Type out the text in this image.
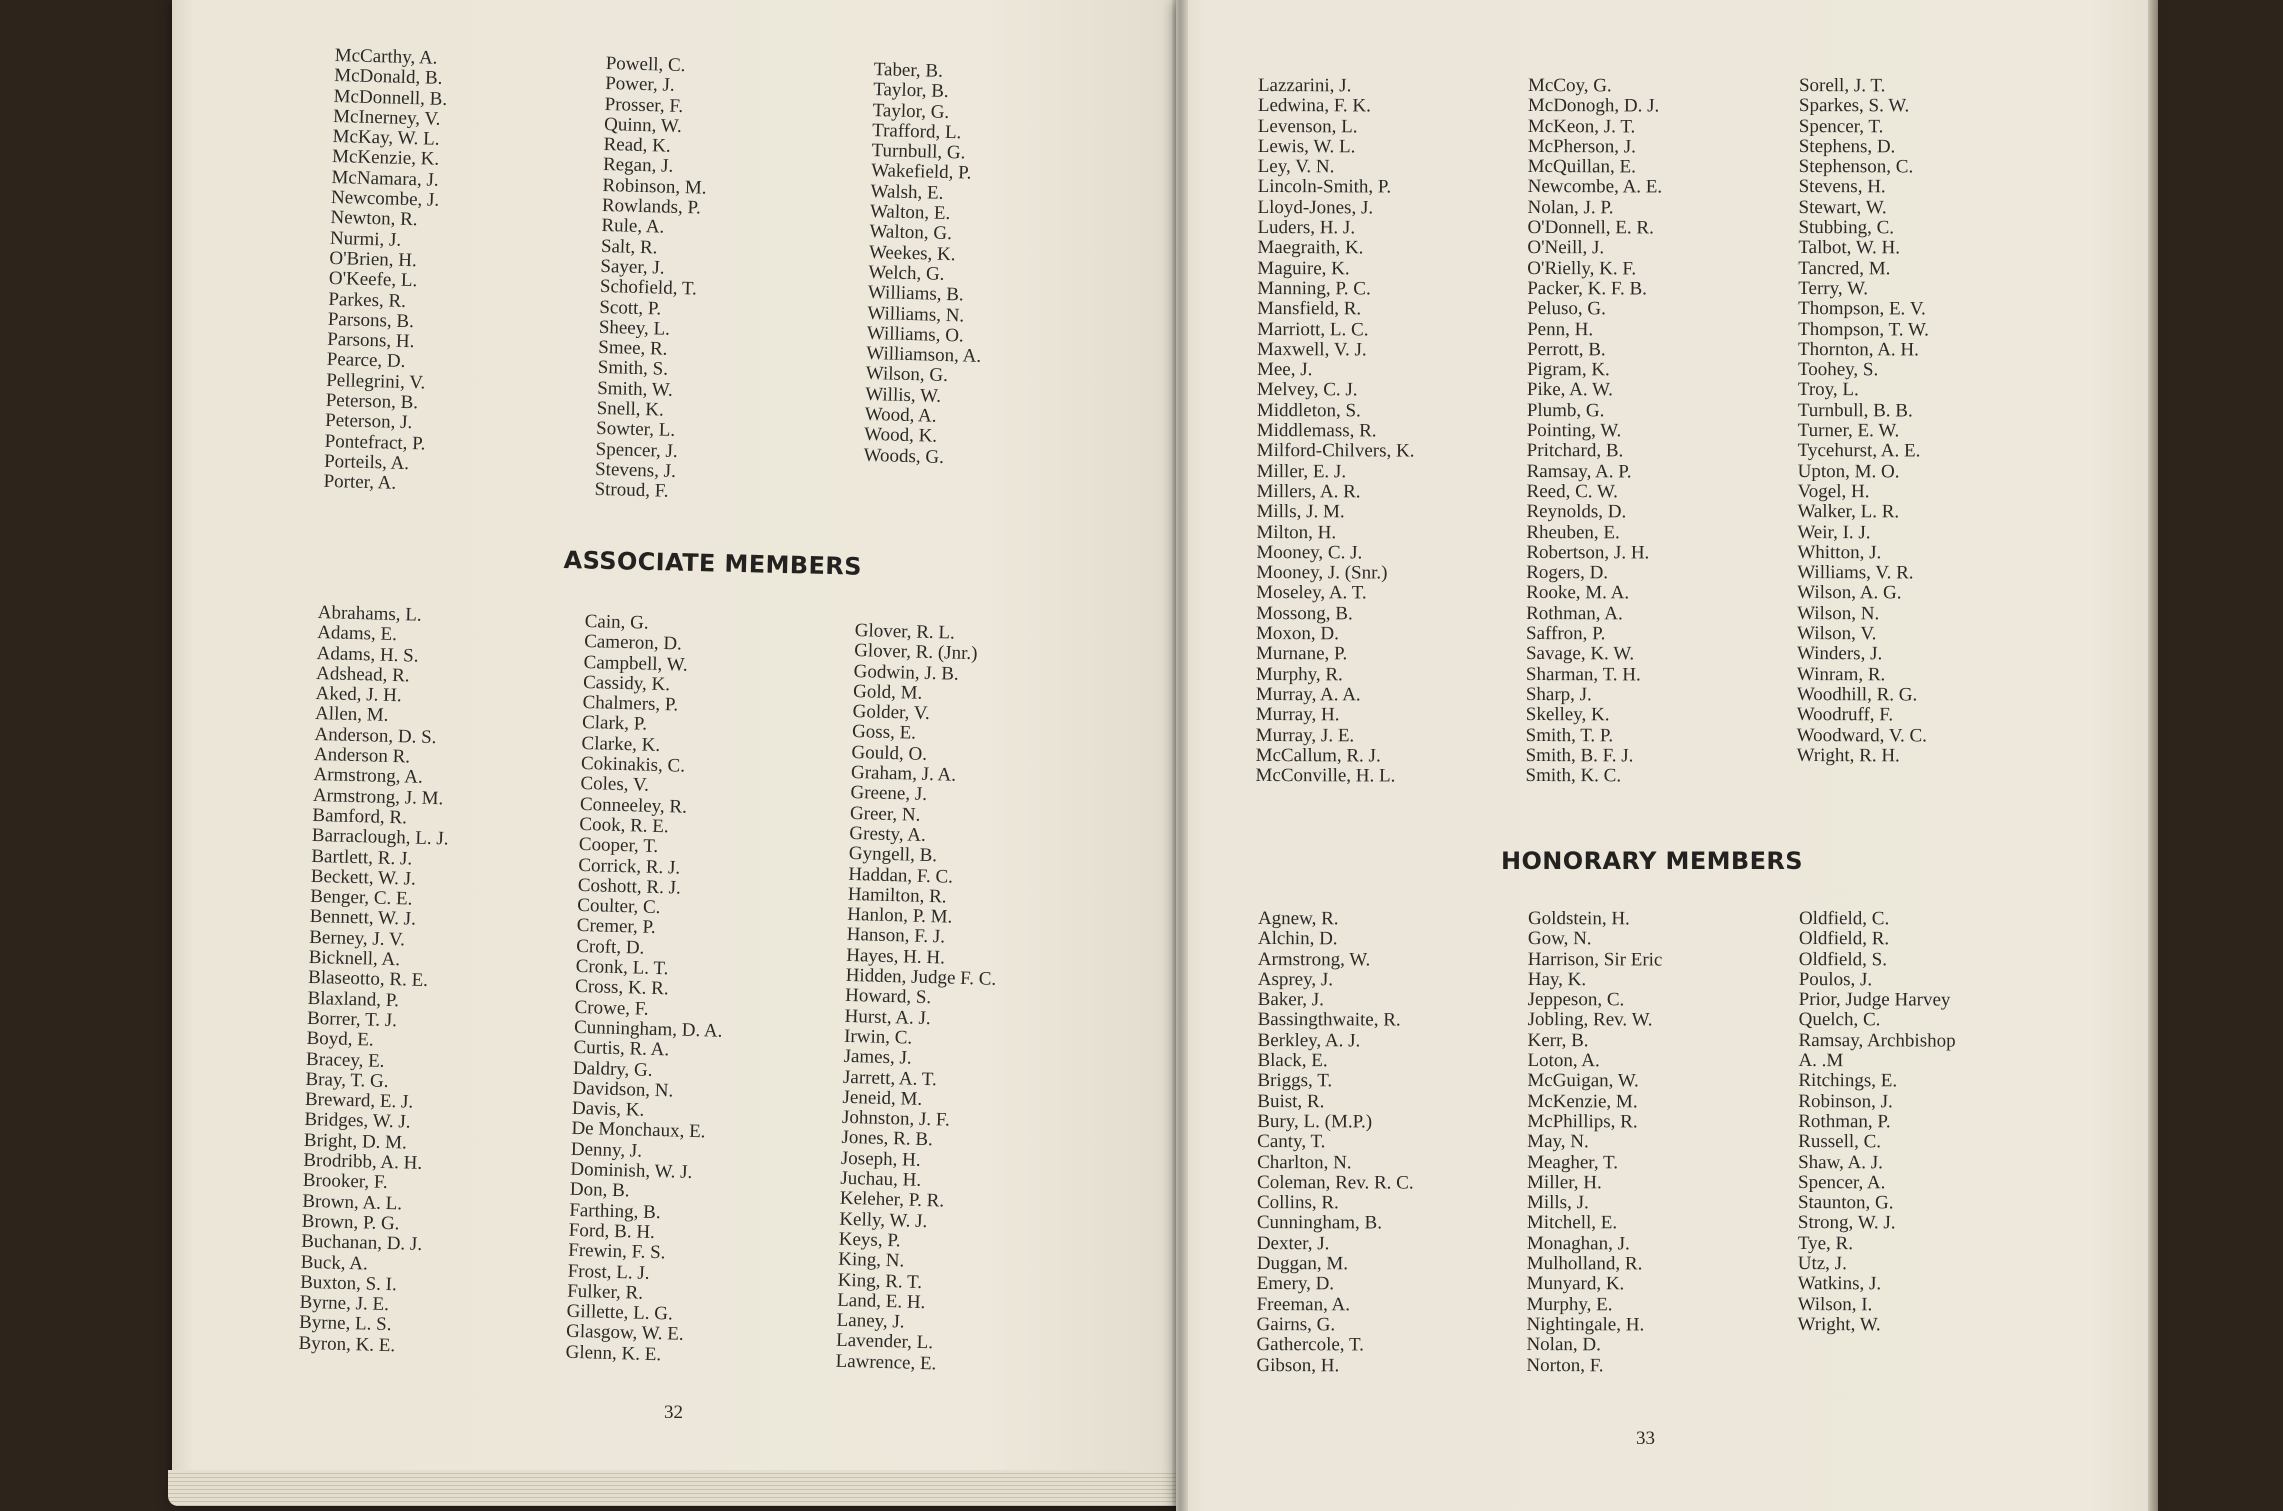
McCarthy, A.
McDonald, B.
McDonnell, B.
McInerney, V.
McKay, W. L.
McKenzie, K.
McNamara, J.
Newcombe, J.
Newton, R.
Nurmi, J.
O'Brien, H.
O'Keefe, L.
Parkes, R.
Parsons, B.
Parsons, H.
Pearce, D.
Pellegrini, V.
Peterson, B.
Peterson, J.
Pontefract, P.
Porteils, A.
Porter, A.
Powell, C.
Power, J.
Prosser, F.
Quinn, W.
Read, K.
Regan, J.
Robinson, M.
Rowlands, P.
Rule, A.
Salt, R.
Sayer, J.
Schofield, T.
Scott, P.
Sheey, L.
Smee, R.
Smith, S.
Smith, W.
Snell, K.
Sowter, L.
Spencer, J.
Stevens, J.
Stroud, F.
Taber, B.
Taylor, B.
Taylor, G.
Trafford, L.
Turnbull, G.
Wakefield, P.
Walsh, E.
Walton, E.
Walton, G.
Weekes, K.
Welch, G.
Williams, B.
Williams, N.
Williams, O.
Williamson, A.
Wilson, G.
Willis, W.
Wood, A.
Wood, K.
Woods, G.
ASSOCIATE MEMBERS
Abrahams, L.
Adams, E.
Adams, H. S.
Adshead, R.
Aked, J. H.
Allen, M.
Anderson, D. S.
Anderson R.
Armstrong, A.
Armstrong, J. M.
Bamford, R.
Barraclough, L. J.
Bartlett, R. J.
Beckett, W. J.
Benger, C. E.
Bennett, W. J.
Berney, J. V.
Bicknell, A.
Blaseotto, R. E.
Blaxland, P.
Borrer, T. J.
Boyd, E.
Bracey, E.
Bray, T. G.
Breward, E. J.
Bridges, W. J.
Bright, D. M.
Brodribb, A. H.
Brooker, F.
Brown, A. L.
Brown, P. G.
Buchanan, D. J.
Buck, A.
Buxton, S. I.
Byrne, J. E.
Byrne, L. S.
Byron, K. E.
Cain, G.
Cameron, D.
Campbell, W.
Cassidy, K.
Chalmers, P.
Clark, P.
Clarke, K.
Cokinakis, C.
Coles, V.
Conneeley, R.
Cook, R. E.
Cooper, T.
Corrick, R. J.
Coshott, R. J.
Coulter, C.
Cremer, P.
Croft, D.
Cronk, L. T.
Cross, K. R.
Crowe, F.
Cunningham, D. A.
Curtis, R. A.
Daldry, G.
Davidson, N.
Davis, K.
De Monchaux, E.
Denny, J.
Dominish, W. J.
Don, B.
Farthing, B.
Ford, B. H.
Frewin, F. S.
Frost, L. J.
Fulker, R.
Gillette, L. G.
Glasgow, W. E.
Glenn, K. E.
Glover, R. L.
Glover, R. (Jnr.)
Godwin, J. B.
Gold, M.
Golder, V.
Goss, E.
Gould, O.
Graham, J. A.
Greene, J.
Greer, N.
Gresty, A.
Gyngell, B.
Haddan, F. C.
Hamilton, R.
Hanlon, P. M.
Hanson, F. J.
Hayes, H. H.
Hidden, Judge F. C.
Howard, S.
Hurst, A. J.
Irwin, C.
James, J.
Jarrett, A. T.
Jeneid, M.
Johnston, J. F.
Jones, R. B.
Joseph, H.
Juchau, H.
Keleher, P. R.
Kelly, W. J.
Keys, P.
King, N.
King, R. T.
Land, E. H.
Laney, J.
Lavender, L.
Lawrence, E.
32
Lazzarini, J.
Ledwina, F. K.
Levenson, L.
Lewis, W. L.
Ley, V. N.
Lincoln-Smith, P.
Lloyd-Jones, J.
Luders, H. J.
Maegraith, K.
Maguire, K.
Manning, P. C.
Mansfield, R.
Marriott, L. C.
Maxwell, V. J.
Mee, J.
Melvey, C. J.
Middleton, S.
Middlemass, R.
Milford-Chilvers, K.
Miller, E. J.
Millers, A. R.
Mills, J. M.
Milton, H.
Mooney, C. J.
Mooney, J. (Snr.)
Moseley, A. T.
Mossong, B.
Moxon, D.
Murnane, P.
Murphy, R.
Murray, A. A.
Murray, H.
Murray, J. E.
McCallum, R. J.
McConville, H. L.
McCoy, G.
McDonogh, D. J.
McKeon, J. T.
McPherson, J.
McQuillan, E.
Newcombe, A. E.
Nolan, J. P.
O'Donnell, E. R.
O'Neill, J.
O'Rielly, K. F.
Packer, K. F. B.
Peluso, G.
Penn, H.
Perrott, B.
Pigram, K.
Pike, A. W.
Plumb, G.
Pointing, W.
Pritchard, B.
Ramsay, A. P.
Reed, C. W.
Reynolds, D.
Rheuben, E.
Robertson, J. H.
Rogers, D.
Rooke, M. A.
Rothman, A.
Saffron, P.
Savage, K. W.
Sharman, T. H.
Sharp, J.
Skelley, K.
Smith, T. P.
Smith, B. F. J.
Smith, K. C.
Sorell, J. T.
Sparkes, S. W.
Spencer, T.
Stephens, D.
Stephenson, C.
Stevens, H.
Stewart, W.
Stubbing, C.
Talbot, W. H.
Tancred, M.
Terry, W.
Thompson, E. V.
Thompson, T. W.
Thornton, A. H.
Toohey, S.
Troy, L.
Turnbull, B. B.
Turner, E. W.
Tycehurst, A. E.
Upton, M. O.
Vogel, H.
Walker, L. R.
Weir, I. J.
Whitton, J.
Williams, V. R.
Wilson, A. G.
Wilson, N.
Wilson, V.
Winders, J.
Winram, R.
Woodhill, R. G.
Woodruff, F.
Woodward, V. C.
Wright, R. H.
HONORARY MEMBERS
Agnew, R.
Alchin, D.
Armstrong, W.
Asprey, J.
Baker, J.
Bassingthwaite, R.
Berkley, A. J.
Black, E.
Briggs, T.
Buist, R.
Bury, L. (M.P.)
Canty, T.
Charlton, N.
Coleman, Rev. R. C.
Collins, R.
Cunningham, B.
Dexter, J.
Duggan, M.
Emery, D.
Freeman, A.
Gairns, G.
Gathercole, T.
Gibson, H.
Goldstein, H.
Gow, N.
Harrison, Sir Eric
Hay, K.
Jeppeson, C.
Jobling, Rev. W.
Kerr, B.
Loton, A.
McGuigan, W.
McKenzie, M.
McPhillips, R.
May, N.
Meagher, T.
Miller, H.
Mills, J.
Mitchell, E.
Monaghan, J.
Mulholland, R.
Munyard, K.
Murphy, E.
Nightingale, H.
Nolan, D.
Norton, F.
Oldfield, C.
Oldfield, R.
Oldfield, S.
Poulos, J.
Prior, Judge Harvey
Quelch, C.
Ramsay, Archbishop
A. .M
Ritchings, E.
Robinson, J.
Rothman, P.
Russell, C.
Shaw, A. J.
Spencer, A.
Staunton, G.
Strong, W. J.
Tye, R.
Utz, J.
Watkins, J.
Wilson, I.
Wright, W.
33
